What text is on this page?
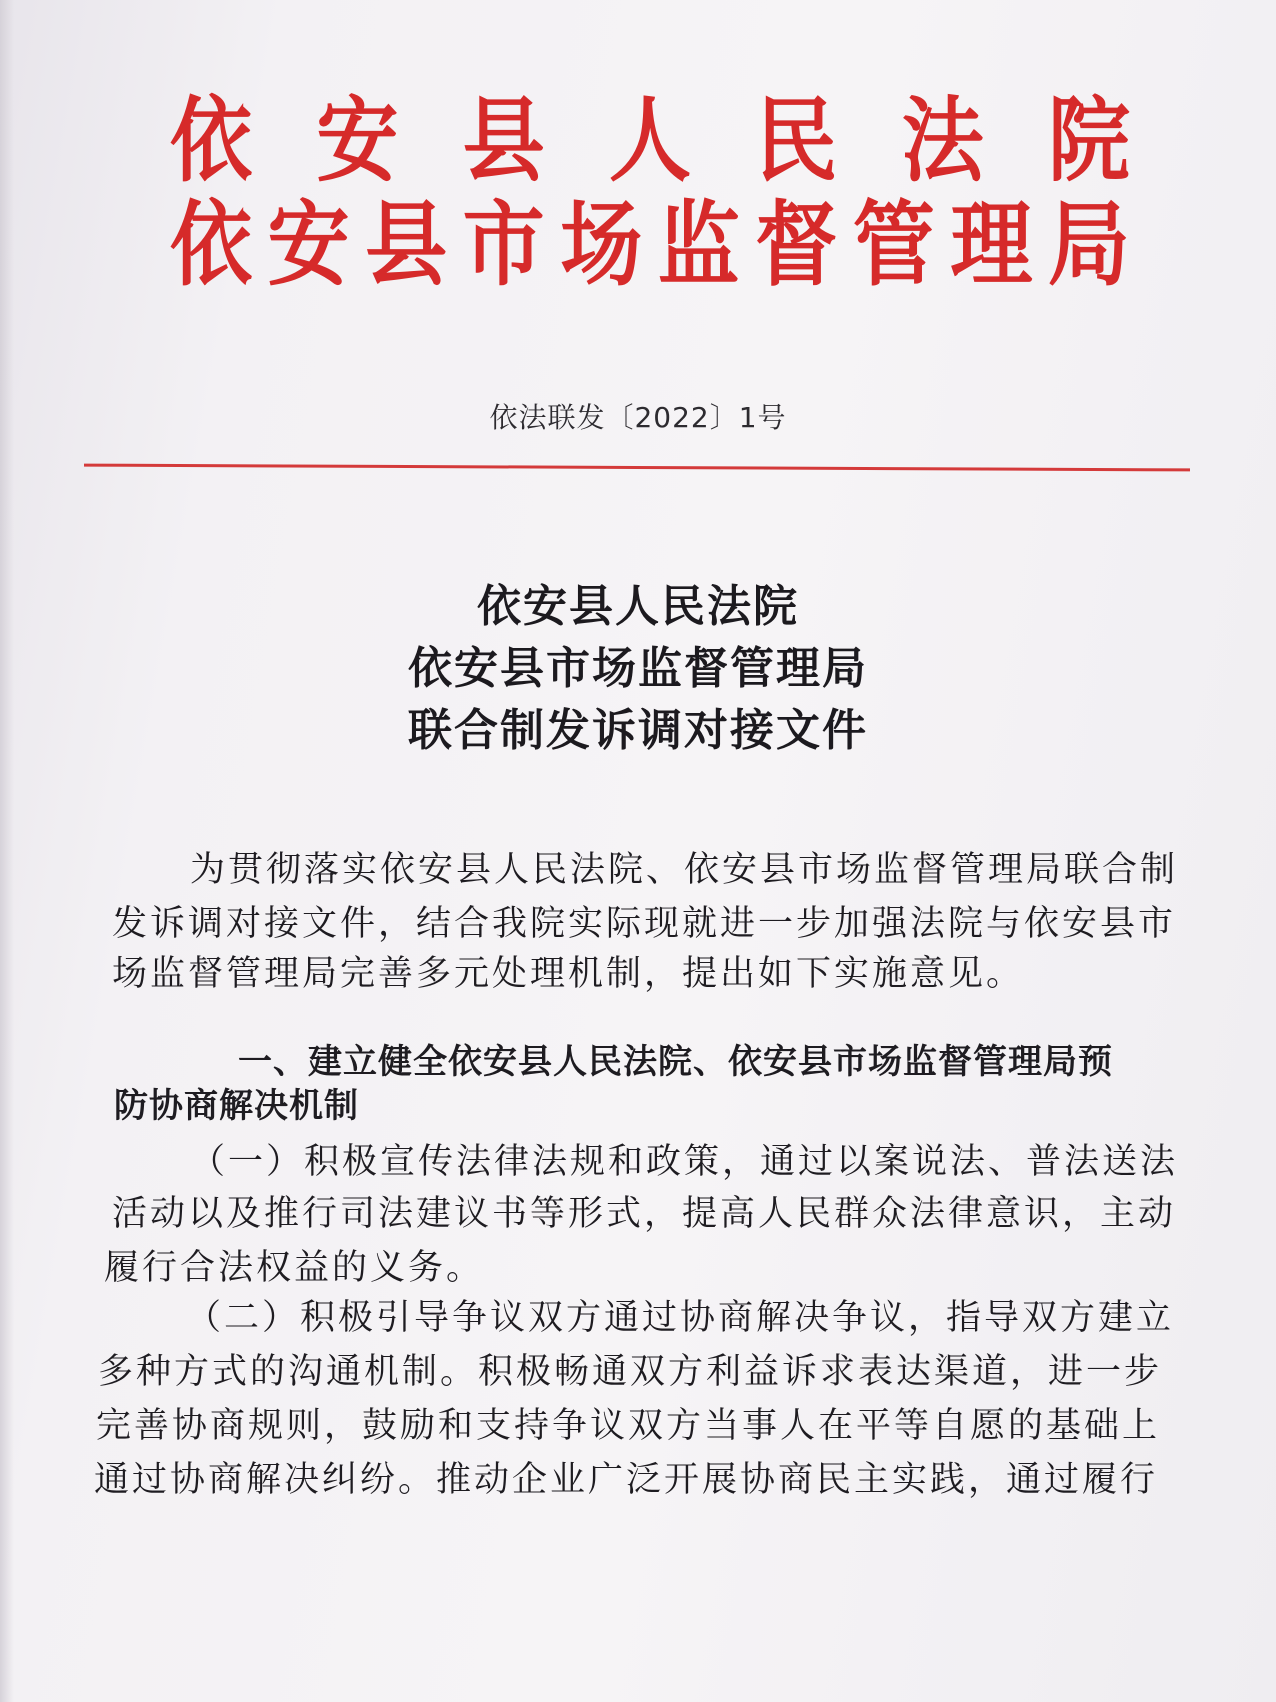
依 安 县 人 民 法 院
依 安 县 市 场 监 督 管 理 局
依法联发〔2022〕1号
依安县人民法院
依安县市场监督管理局
联合制发诉调对接文件
为贯彻落实依安县人民法院、依安县市场监督管理局联合制
发诉调对接文件，结合我院实际现就进一步加强法院与依安县市
场监督管理局完善多元处理机制，提出如下实施意见。
一、建立健全依安县人民法院、依安县市场监督管理局预
防协商解决机制
（一）积极宣传法律法规和政策，通过以案说法、普法送法
活动以及推行司法建议书等形式，提高人民群众法律意识，主动
履行合法权益的义务。
（二）积极引导争议双方通过协商解决争议，指导双方建立
多种方式的沟通机制。积极畅通双方利益诉求表达渠道，进一步
完善协商规则，鼓励和支持争议双方当事人在平等自愿的基础上
通过协商解决纠纷。推动企业广泛开展协商民主实践，通过履行
